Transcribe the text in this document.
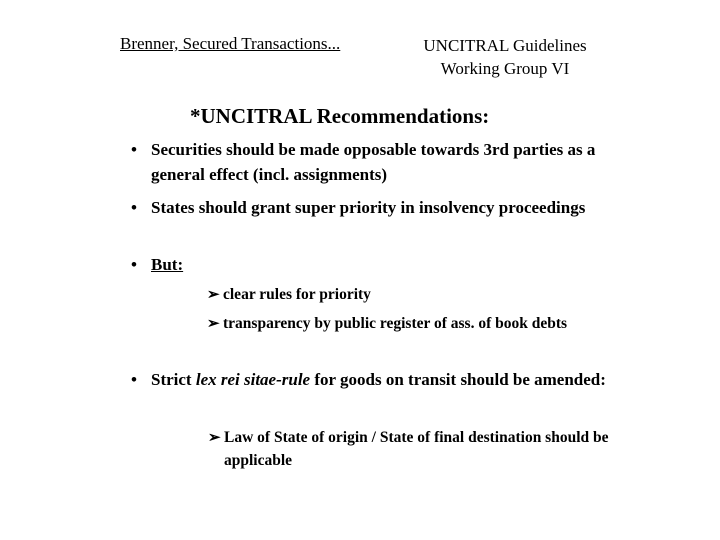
Brenner, Secured Transactions...	UNCITRAL Guidelines
Working Group VI
*UNCITRAL Recommendations:
• Securities should be made opposable towards 3rd parties as a general effect (incl. assignments)
• States should grant super priority in insolvency proceedings
• But:
➢ clear rules for priority
➢ transparency by public register of ass. of book debts
• Strict lex rei sitae-rule for goods on transit should be amended:
➢ Law of State of origin / State of final destination should be applicable
